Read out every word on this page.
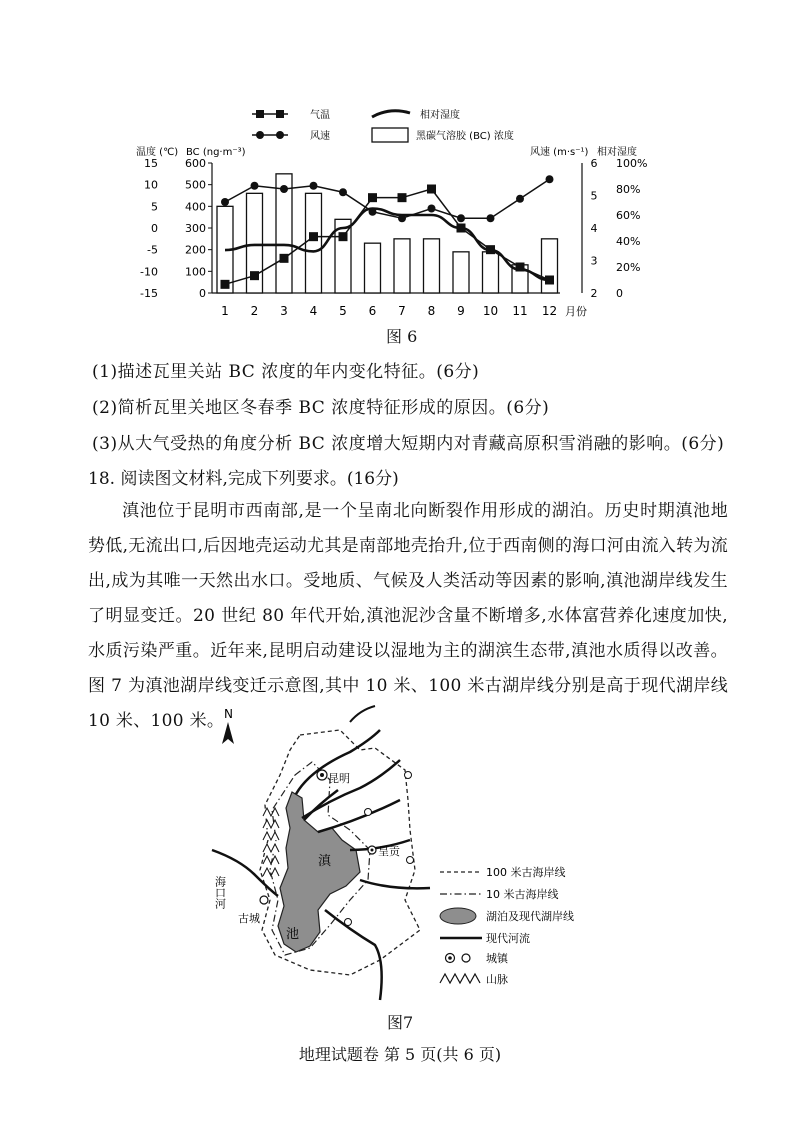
气温	相对湿度
风速	黑碳气溶胶 (BC) 浓度
温度 (℃) BC (ng·m⁻³)	风速 (m·s⁻¹) 相对湿度
15
10
5
0
-5
-10
-15
600
500
400
300
200
100
0
6
5
4
3
2
100%
80%
60%
40%
20%
0
1 2 3 4 5 6 7 8 9 10 11 12 月份
图 6
(1)描述瓦里关站 BC 浓度的年内变化特征。(6分)
(2)简析瓦里关地区冬春季 BC 浓度特征形成的原因。(6分)
(3)从大气受热的角度分析 BC 浓度增大短期内对青藏高原积雪消融的影响。(6分)
18. 阅读图文材料,完成下列要求。(16分)
滇池位于昆明市西南部,是一个呈南北向断裂作用形成的湖泊。历史时期滇池地势低,无流出口,后因地壳运动尤其是南部地壳抬升,位于西南侧的海口河由流入转为流出,成为其唯一天然出水口。受地质、气候及人类活动等因素的影响,滇池湖岸线发生了明显变迁。20 世纪 80 年代开始,滇池泥沙含量不断增多,水体富营养化速度加快,水质污染严重。近年来,昆明启动建设以湿地为主的湖滨生态带,滇池水质得以改善。图 7 为滇池湖岸线变迁示意图,其中 10 米、100 米古湖岸线分别是高于现代湖岸线 10 米、100 米。 N
昆明
呈贡
古城
海口河
滇
池
100 米古海岸线
10 米古海岸线
湖泊及现代湖岸线
现代河流
城镇
山脉
图7
地理试题卷 第 5 页(共 6 页)
